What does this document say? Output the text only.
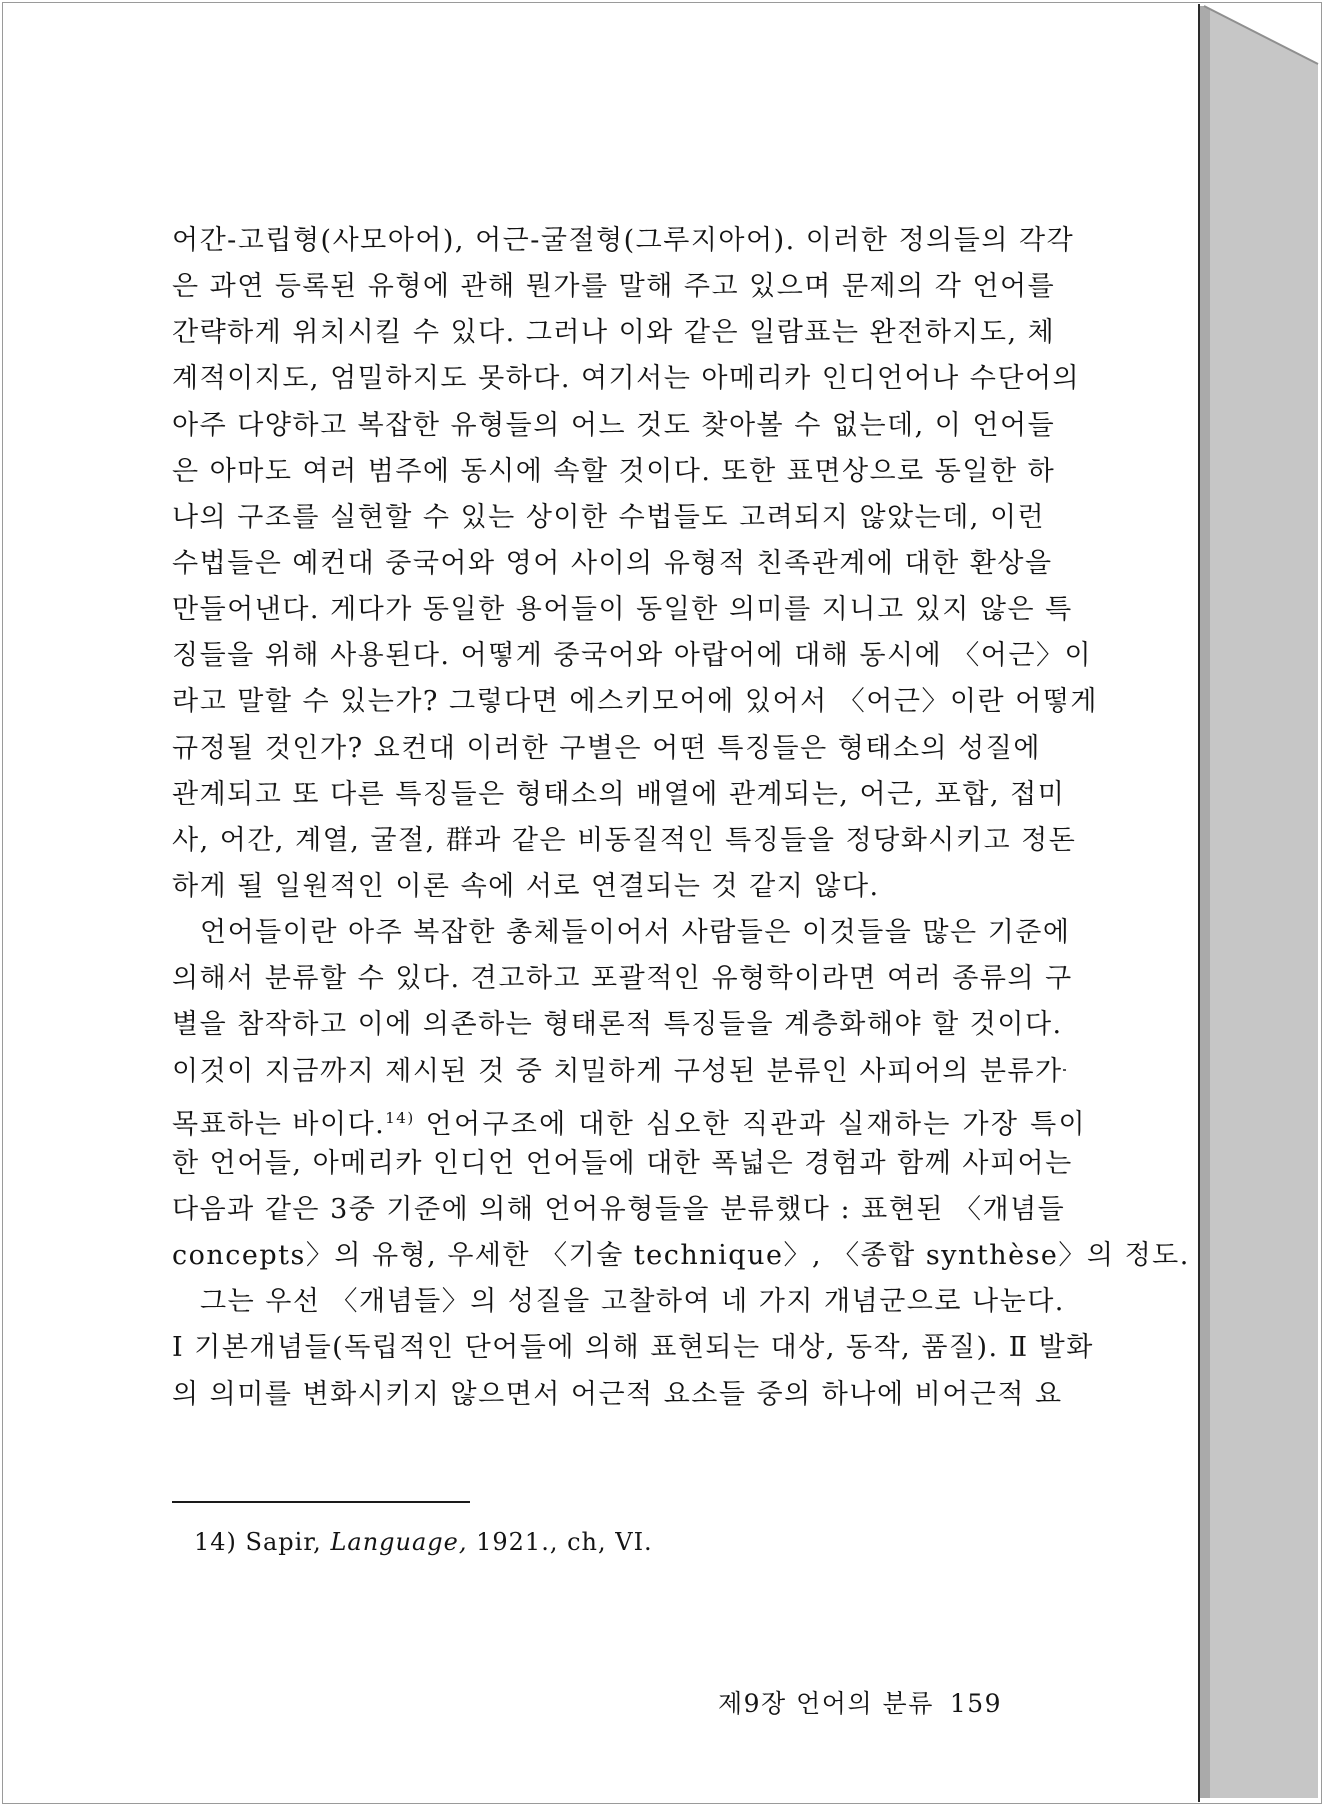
어간-고립형(사모아어), 어근-굴절형(그루지아어). 이러한 정의들의 각각
은 과연 등록된 유형에 관해 뭔가를 말해 주고 있으며 문제의 각 언어를
간략하게 위치시킬 수 있다. 그러나 이와 같은 일람표는 완전하지도, 체
계적이지도, 엄밀하지도 못하다. 여기서는 아메리카 인디언어나 수단어의
아주 다양하고 복잡한 유형들의 어느 것도 찾아볼 수 없는데, 이 언어들
은 아마도 여러 범주에 동시에 속할 것이다. 또한 표면상으로 동일한 하
나의 구조를 실현할 수 있는 상이한 수법들도 고려되지 않았는데, 이런
수법들은 예컨대 중국어와 영어 사이의 유형적 친족관계에 대한 환상을
만들어낸다. 게다가 동일한 용어들이 동일한 의미를 지니고 있지 않은 특
징들을 위해 사용된다. 어떻게 중국어와 아랍어에 대해 동시에 〈어근〉이
라고 말할 수 있는가? 그렇다면 에스키모어에 있어서 〈어근〉이란 어떻게
규정될 것인가? 요컨대 이러한 구별은 어떤 특징들은 형태소의 성질에
관계되고 또 다른 특징들은 형태소의 배열에 관계되는, 어근, 포합, 접미
사, 어간, 계열, 굴절, 群과 같은 비동질적인 특징들을 정당화시키고 정돈
하게 될 일원적인 이론 속에 서로 연결되는 것 같지 않다.
언어들이란 아주 복잡한 총체들이어서 사람들은 이것들을 많은 기준에
의해서 분류할 수 있다. 견고하고 포괄적인 유형학이라면 여러 종류의 구
별을 참작하고 이에 의존하는 형태론적 특징들을 계층화해야 할 것이다.
이것이 지금까지 제시된 것 중 치밀하게 구성된 분류인 사피어의 분류가
목표하는 바이다.$^{14)}$ 언어구조에 대한 심오한 직관과 실재하는 가장 특이
한 언어들, 아메리카 인디언 언어들에 대한 폭넓은 경험과 함께 사피어는
다음과 같은 3중 기준에 의해 언어유형들을 분류했다 : 표현된 〈개념들
concepts〉의 유형, 우세한 〈기술 technique〉, 〈종합 synthèse〉의 정도.
그는 우선 〈개념들〉의 성질을 고찰하여 네 가지 개념군으로 나눈다.
Ⅰ 기본개념들(독립적인 단어들에 의해 표현되는 대상, 동작, 품질). Ⅱ 발화
의 의미를 변화시키지 않으면서 어근적 요소들 중의 하나에 비어근적 요
14) Sapir, Language, 1921., ch, VI.
제9장 언어의 분류 159
